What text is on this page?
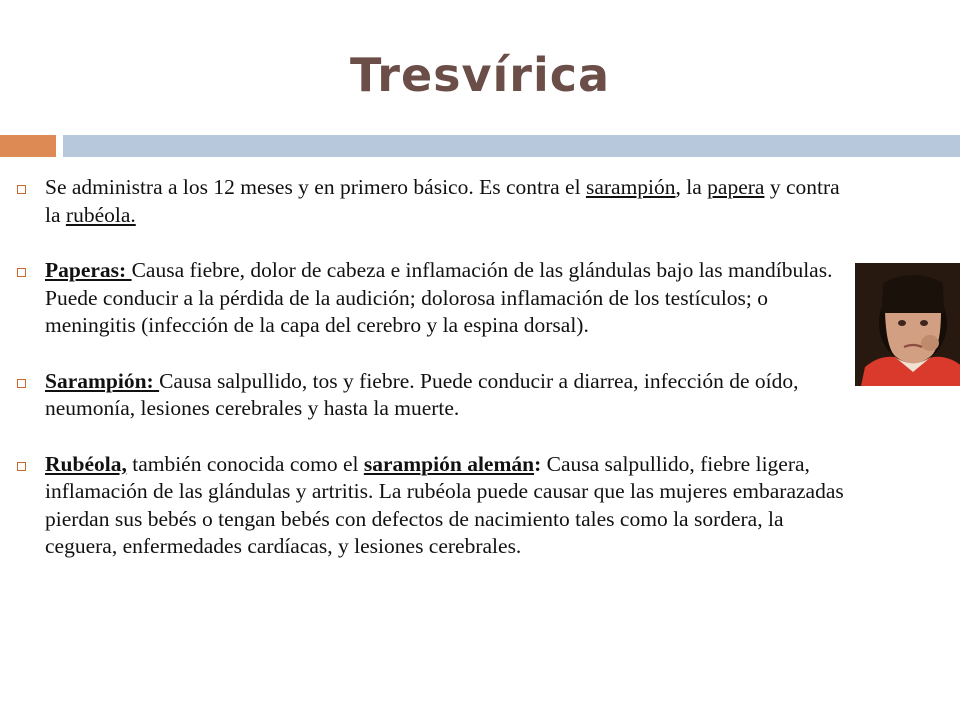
Tresvírica
Se administra a los 12 meses y en primero básico. Es contra el sarampión, la papera y contra la rubéola.
Paperas: Causa fiebre, dolor de cabeza e inflamación de las glándulas bajo las mandíbulas. Puede conducir a la pérdida de la audición; dolorosa inflamación de los testículos; o meningitis (infección de la capa del cerebro y la espina dorsal).
Sarampión: Causa salpullido, tos y fiebre. Puede conducir a diarrea, infección de oído, neumonía, lesiones cerebrales y hasta la muerte.
Rubéola, también conocida como el sarampión alemán: Causa salpullido, fiebre ligera, inflamación de las glándulas y artritis. La rubéola puede causar que las mujeres embarazadas pierdan sus bebés o tengan bebés con defectos de nacimiento tales como la sordera, la ceguera, enfermedades cardíacas, y lesiones cerebrales.
